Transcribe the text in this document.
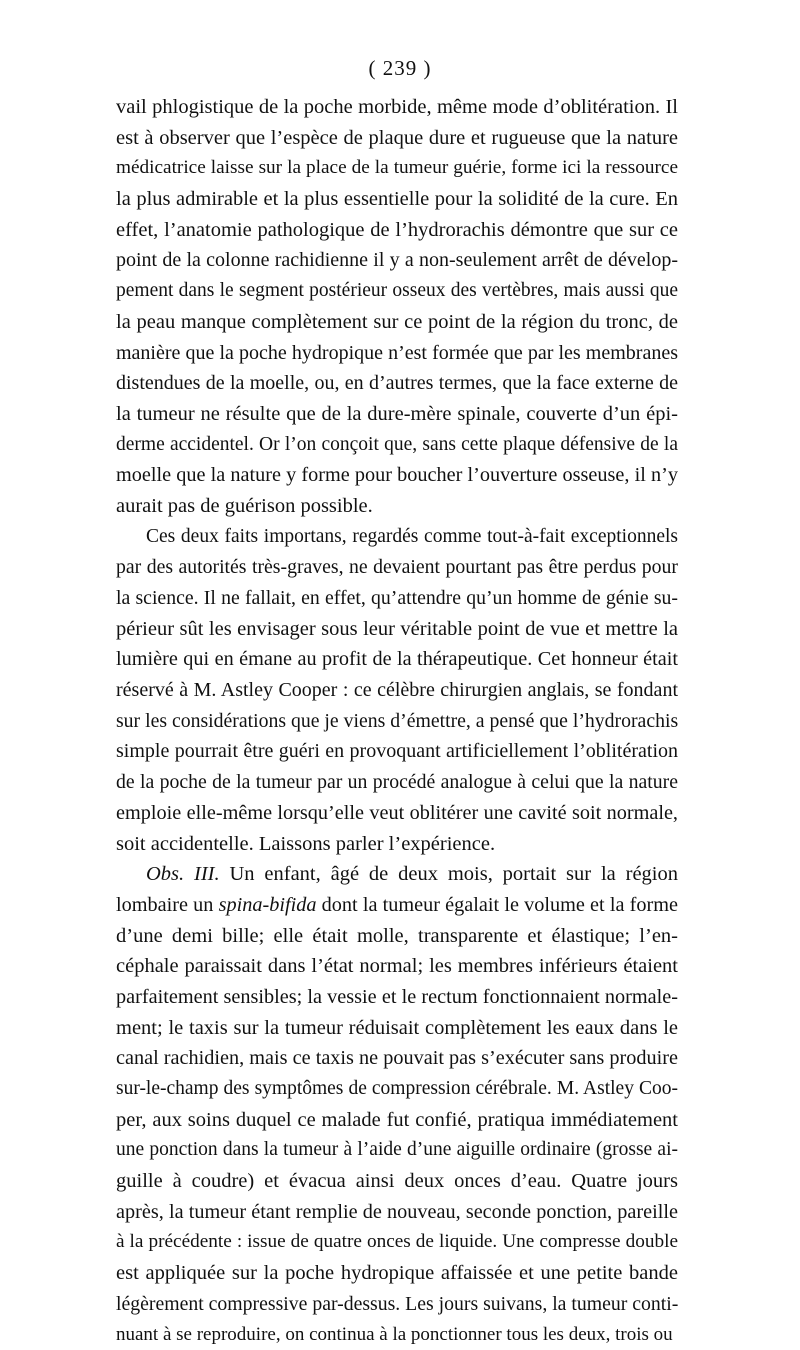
( 239 )
vail phlogistique de la poche morbide, même mode d’oblitération. Il
est à observer que l’espèce de plaque dure et rugueuse que la nature
médicatrice laisse sur la place de la tumeur guérie, forme ici la ressource
la plus admirable et la plus essentielle pour la solidité de la cure. En
effet, l’anatomie pathologique de l’hydrorachis démontre que sur ce
point de la colonne rachidienne il y a non-seulement arrêt de dévelop-
pement dans le segment postérieur osseux des vertèbres, mais aussi que
la peau manque complètement sur ce point de la région du tronc, de
manière que la poche hydropique n’est formée que par les membranes
distendues de la moelle, ou, en d’autres termes, que la face externe de
la tumeur ne résulte que de la dure-mère spinale, couverte d’un épi-
derme accidentel. Or l’on conçoit que, sans cette plaque défensive de la
moelle que la nature y forme pour boucher l’ouverture osseuse, il n’y
aurait pas de guérison possible.
Ces deux faits importans, regardés comme tout-à-fait exceptionnels
par des autorités très-graves, ne devaient pourtant pas être perdus pour
la science. Il ne fallait, en effet, qu’attendre qu’un homme de génie su-
périeur sût les envisager sous leur véritable point de vue et mettre la
lumière qui en émane au profit de la thérapeutique. Cet honneur était
réservé à M. Astley Cooper : ce célèbre chirurgien anglais, se fondant
sur les considérations que je viens d’émettre, a pensé que l’hydrorachis
simple pourrait être guéri en provoquant artificiellement l’oblitération
de la poche de la tumeur par un procédé analogue à celui que la nature
emploie elle-même lorsqu’elle veut oblitérer une cavité soit normale,
soit accidentelle. Laissons parler l’expérience.
Obs. III. Un enfant, âgé de deux mois, portait sur la région
lombaire un spina-bifida dont la tumeur égalait le volume et la forme
d’une demi bille; elle était molle, transparente et élastique; l’en-
céphale paraissait dans l’état normal; les membres inférieurs étaient
parfaitement sensibles; la vessie et le rectum fonctionnaient normale-
ment; le taxis sur la tumeur réduisait complètement les eaux dans le
canal rachidien, mais ce taxis ne pouvait pas s’exécuter sans produire
sur-le-champ des symptômes de compression cérébrale. M. Astley Coo-
per, aux soins duquel ce malade fut confié, pratiqua immédiatement
une ponction dans la tumeur à l’aide d’une aiguille ordinaire (grosse ai-
guille à coudre) et évacua ainsi deux onces d’eau. Quatre jours
après, la tumeur étant remplie de nouveau, seconde ponction, pareille
à la précédente : issue de quatre onces de liquide. Une compresse double
est appliquée sur la poche hydropique affaissée et une petite bande
légèrement compressive par-dessus. Les jours suivans, la tumeur conti-
nuant à se reproduire, on continua à la ponctionner tous les deux, trois ou
